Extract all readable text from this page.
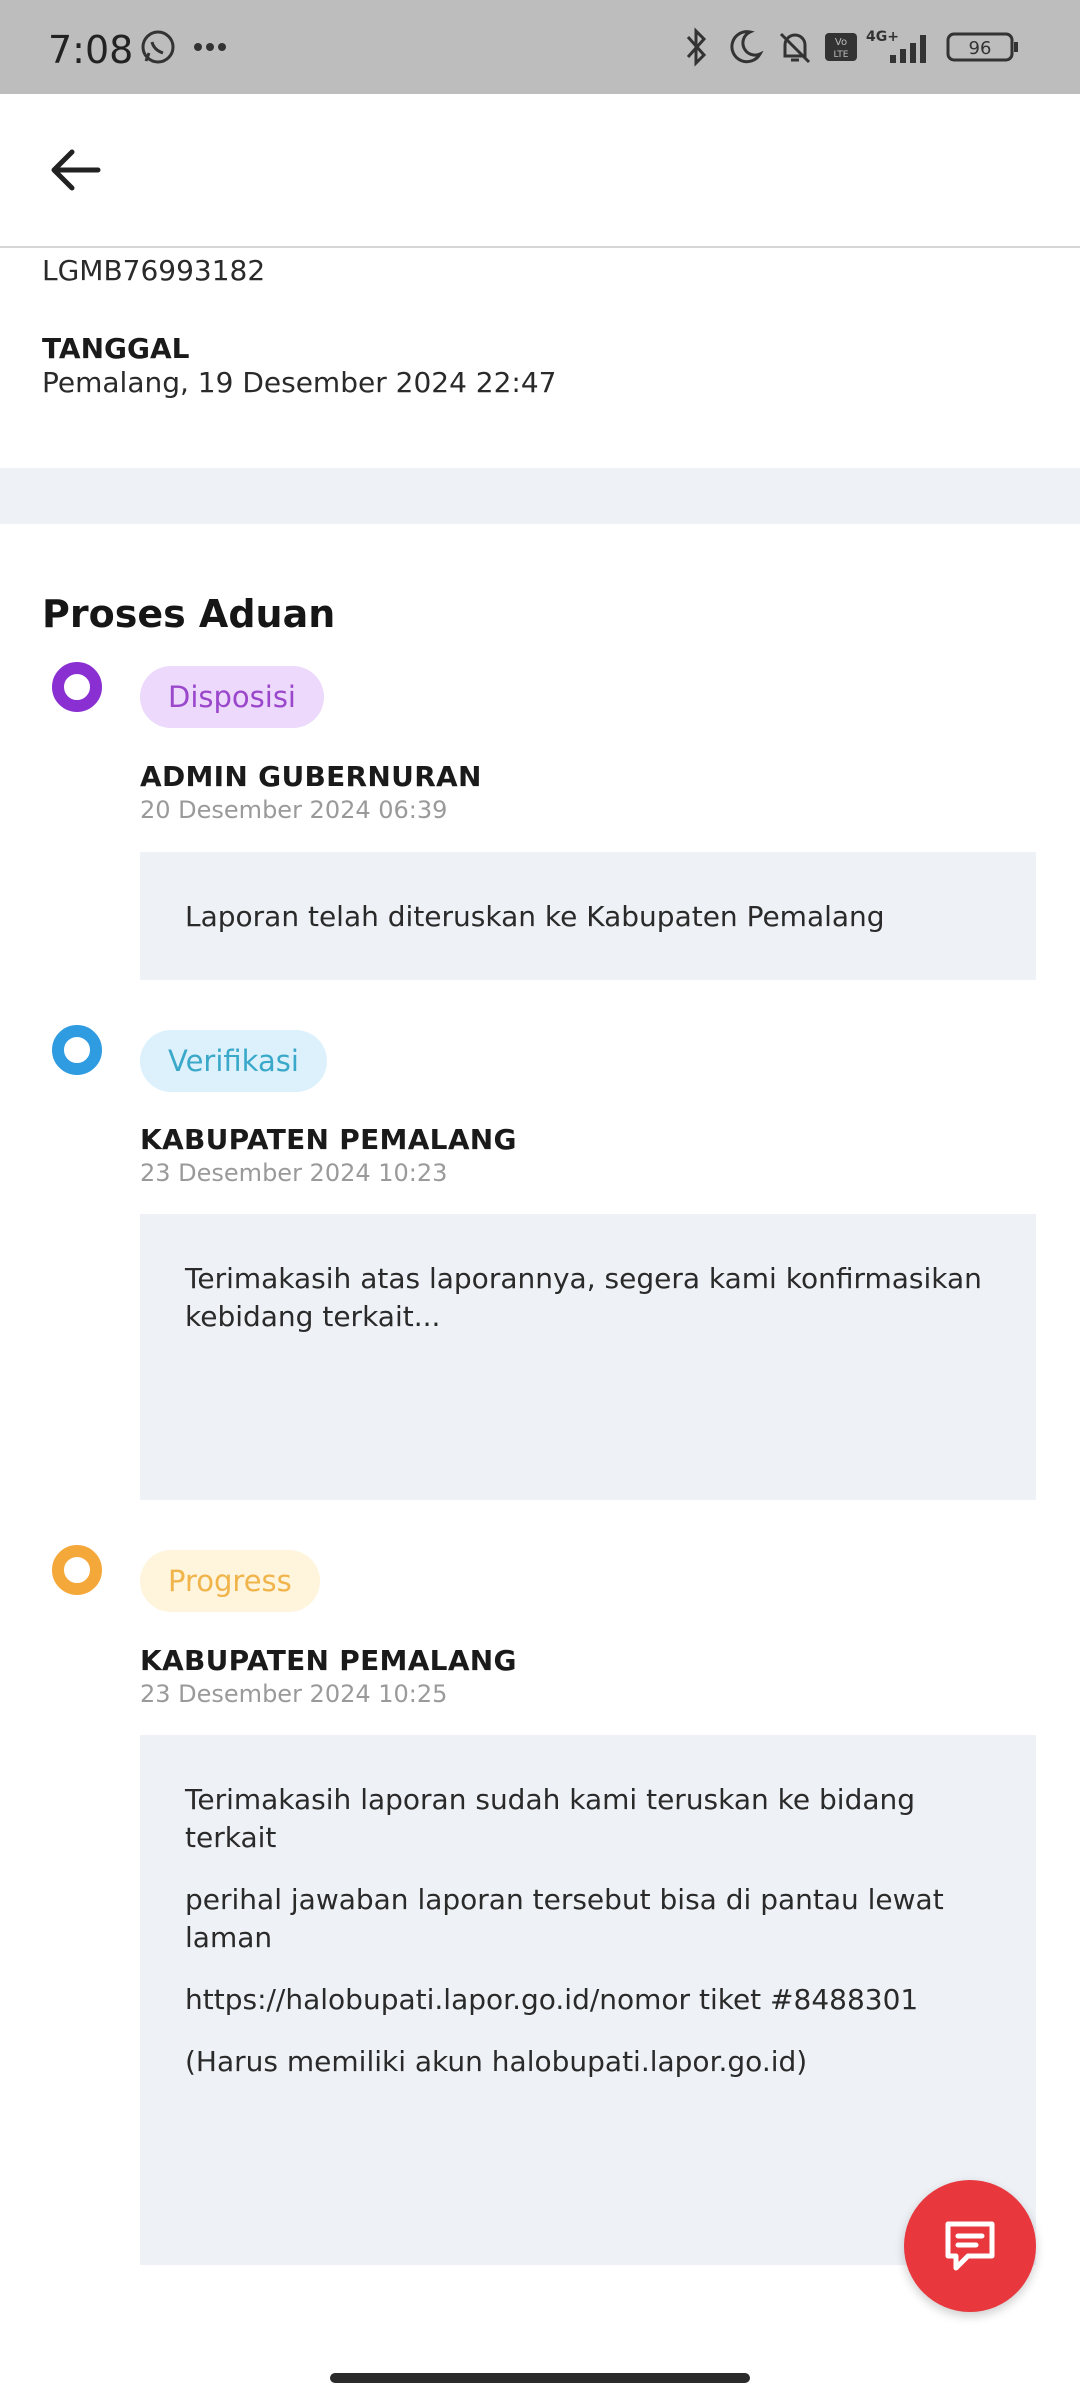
7:08	Vo
LTE
4G+
96
LGMB76993182
TANGGAL
Pemalang, 19 Desember 2024 22:47
Proses Aduan
Disposisi
ADMIN GUBERNURAN
20 Desember 2024 06:39

Laporan telah diteruskan ke Kabupaten Pemalang

Verifikasi
KABUPATEN PEMALANG
23 Desember 2024 10:23

Terimakasih atas laporannya, segera kami konfirmasikan kebidang terkait...

Progress
KABUPATEN PEMALANG
23 Desember 2024 10:25

Terimakasih laporan sudah kami teruskan ke bidang terkait

perihal jawaban laporan tersebut bisa di pantau lewat laman

https://halobupati.lapor.go.id/nomor tiket #8488301

(Harus memiliki akun halobupati.lapor.go.id)
